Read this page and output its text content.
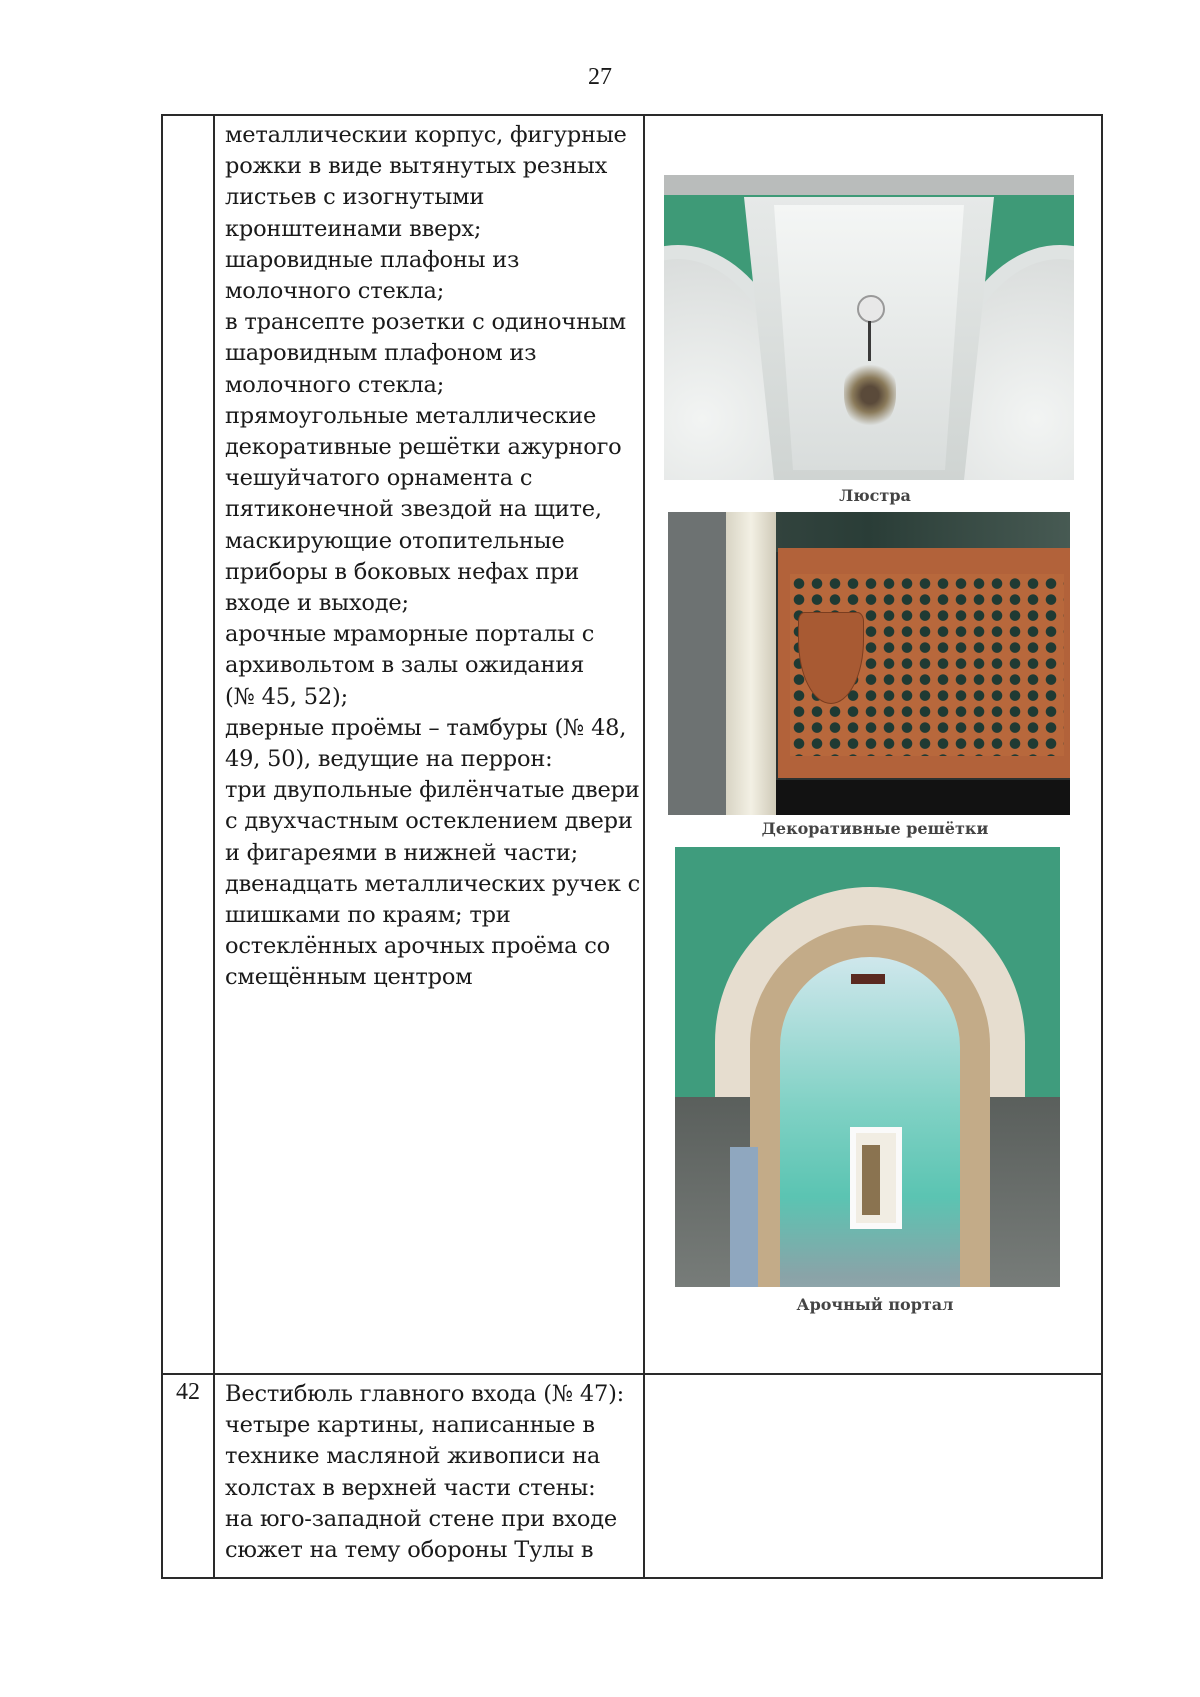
27
металлическии корпус, фигурные
рожки в виде вытянутых резных
листьев с изогнутыми
кронштеинами вверх;
шаровидные плафоны из
молочного стекла;
в трансепте розетки с одиночным
шаровидным плафоном из
молочного стекла;
прямоугольные металлические
декоративные решётки ажурного
чешуйчатого орнамента с
пятиконечной звездой на щите,
маскирующие отопительные
приборы в боковых нефах при
входе и выходе;
арочные мраморные порталы с
архивольтом в залы ожидания
(№ 45, 52);
дверные проёмы – тамбуры (№ 48,
49, 50), ведущие на перрон:
три двупольные филёнчатые двери
с двухчастным остеклением двери
и фигареями в нижней части;
двенадцать металлических ручек с
шишками по краям; три
остеклённых арочных проёма со
смещённым центром
Люстра
Декоративные решётки
Арочный портал
42	Вестибюль главного входа (№ 47):
четыре картины, написанные в
технике масляной живописи на
холстах в верхней части стены:
на юго-западной стене при входе
сюжет на тему обороны Тулы в
